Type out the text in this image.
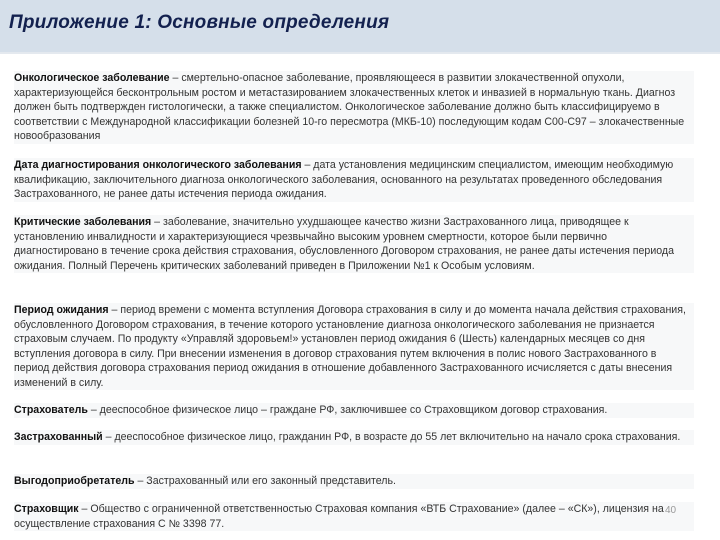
Приложение 1: Основные определения
Онкологическое заболевание – смертельно-опасное заболевание, проявляющееся в развитии злокачественной опухоли, характеризующейся бесконтрольным ростом и метастазированием злокачественных клеток и инвазией в нормальную ткань. Диагноз должен быть подтвержден гистологически, а также специалистом. Онкологическое заболевание должно быть классифицируемо в соответствии с Международной классификации болезней 10-го пересмотра (МКБ-10) последующим кодам С00-С97 – злокачественные новообразования
Дата диагностирования онкологического заболевания – дата установления медицинским специалистом, имеющим необходимую квалификацию, заключительного диагноза онкологического заболевания, основанного на результатах проведенного обследования Застрахованного, не ранее даты истечения периода ожидания.
Критические заболевания – заболевание, значительно ухудшающее качество жизни Застрахованного лица, приводящее к установлению инвалидности и характеризующиеся чрезвычайно высоким уровнем смертности, которое были первично диагностировано в течение срока действия страхования, обусловленного Договором страхования, не ранее даты истечения периода ожидания. Полный Перечень критических заболеваний приведен в Приложении №1 к Особым условиям.
Период ожидания – период времени с момента вступления Договора страхования в силу и до момента начала действия страхования, обусловленного Договором страхования, в течение которого установление диагноза онкологического заболевания не признается страховым случаем. По продукту «Управляй здоровьем!» установлен период ожидания 6 (Шесть) календарных месяцев со дня вступления договора в силу. При внесении изменения в договор страхования путем включения в полис нового Застрахованного в период действия договора страхования период ожидания в отношение добавленного Застрахованного исчисляется с даты внесения изменений в силу.
Страхователь – дееспособное физическое лицо – граждане РФ, заключившее со Страховщиком договор страхования.
Застрахованный – дееспособное физическое лицо, гражданин РФ, в возрасте до 55 лет включительно на начало срока страхования.
Выгодоприобретатель – Застрахованный или его законный представитель.
Страховщик – Общество с ограниченной ответственностью Страховая компания «ВТБ Страхование» (далее – «СК»), лицензия на осуществление страхования С № 3398 77.
40
